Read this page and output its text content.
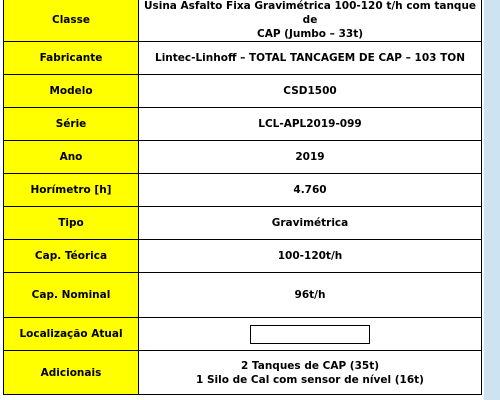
Classe	Usina Asfalto Fixa Gravimétrica 100-120 t/h com tanque de
CAP (Jumbo – 33t)

Fabricante	Lintec-Linhoff – TOTAL TANCAGEM DE CAP – 103 TON
Modelo	CSD1500
Série	LCL-APL2019-099
Ano	2019
Horímetro [h]	4.760
Tipo	Gravimétrica
Cap. Téorica	100-120t/h
Cap. Nominal	96t/h
Localização Atual	
Adicionais	2 Tanques de CAP (35t)
1 Silo de Cal com sensor de nível (16t)
